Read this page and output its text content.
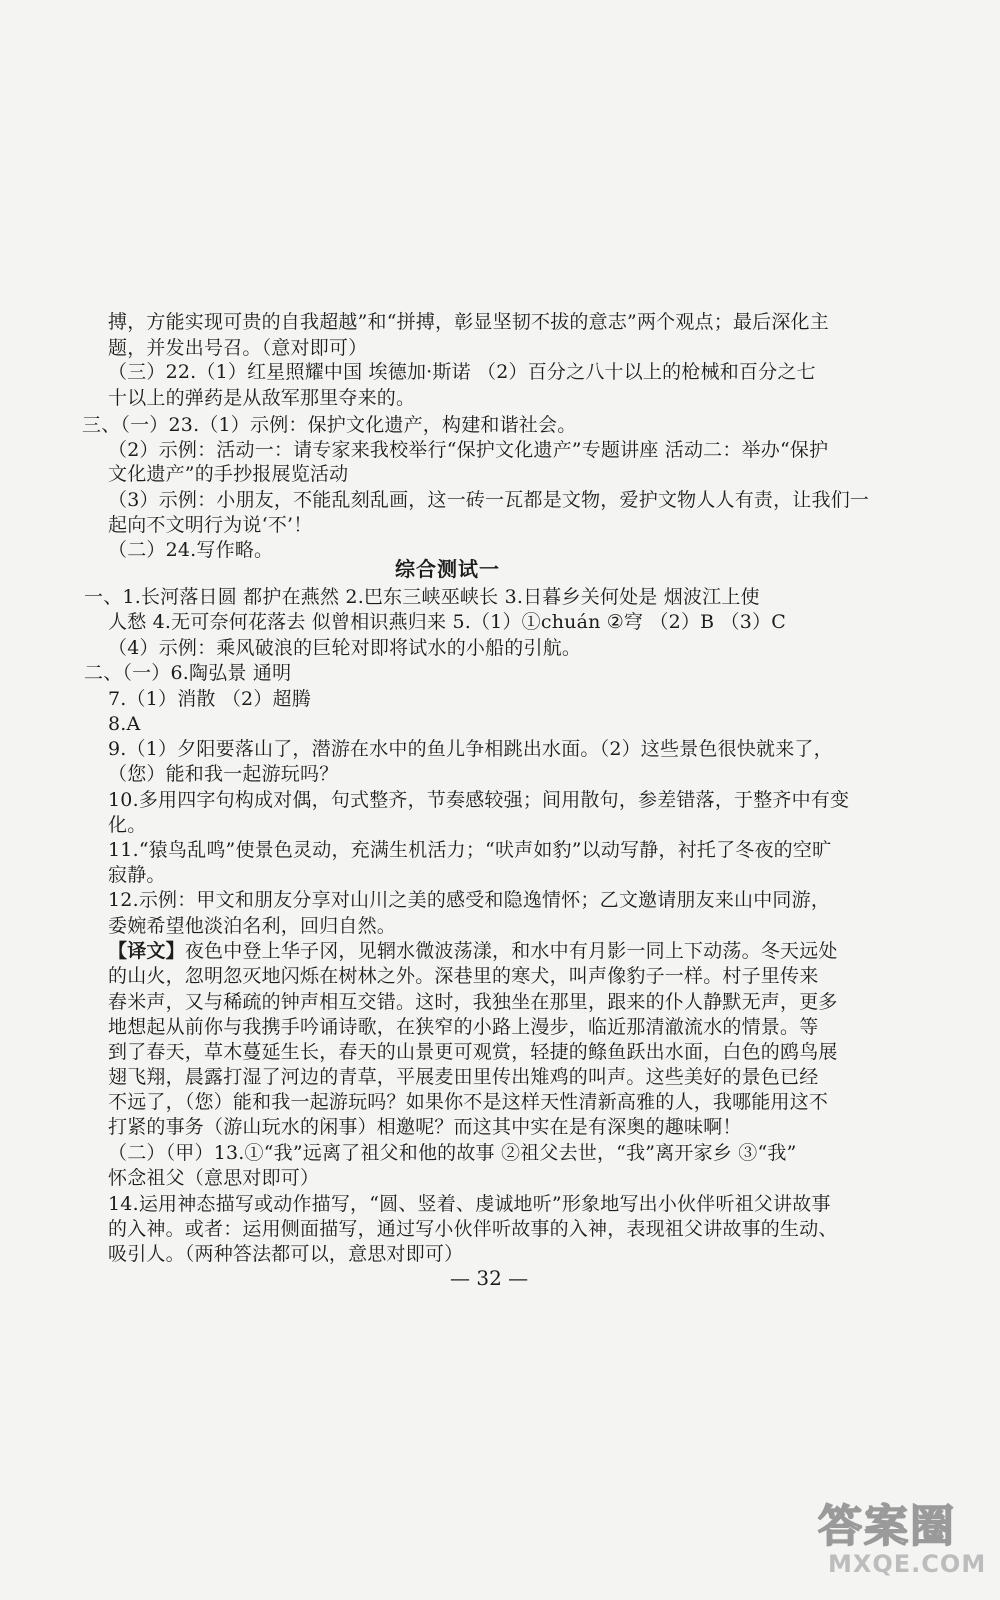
搏，方能实现可贵的自我超越”和“拼搏，彰显坚韧不拔的意志”两个观点；最后深化主
题，并发出号召。（意对即可）
（三）22.（1）红星照耀中国 埃德加·斯诺 （2）百分之八十以上的枪械和百分之七
十以上的弹药是从敌军那里夺来的。
三、（一）23.（1）示例：保护文化遗产，构建和谐社会。
（2）示例：活动一：请专家来我校举行“保护文化遗产”专题讲座 活动二：举办“保护
文化遗产”的手抄报展览活动
（3）示例：小朋友，不能乱刻乱画，这一砖一瓦都是文物，爱护文物人人有责，让我们一
起向不文明行为说‘不’！
（二）24.写作略。
综合测试一
一、1.长河落日圆 都护在燕然 2.巴东三峡巫峡长 3.日暮乡关何处是 烟波江上使
人愁 4.无可奈何花落去 似曾相识燕归来 5.（1）①chuán ②穹 （2）B （3）C
（4）示例：乘风破浪的巨轮对即将试水的小船的引航。
二、（一）6.陶弘景 通明
7.（1）消散 （2）超腾
8.A
9.（1）夕阳要落山了，潜游在水中的鱼儿争相跳出水面。（2）这些景色很快就来了，
（您）能和我一起游玩吗？
10.多用四字句构成对偶，句式整齐，节奏感较强；间用散句，参差错落，于整齐中有变
化。
11.“猿鸟乱鸣”使景色灵动，充满生机活力；“吠声如豹”以动写静，衬托了冬夜的空旷
寂静。
12.示例：甲文和朋友分享对山川之美的感受和隐逸情怀；乙文邀请朋友来山中同游，
委婉希望他淡泊名利，回归自然。
【译文】夜色中登上华子冈，见辋水微波荡漾，和水中有月影一同上下动荡。冬天远处
的山火，忽明忽灭地闪烁在树林之外。深巷里的寒犬，叫声像豹子一样。村子里传来
舂米声，又与稀疏的钟声相互交错。这时，我独坐在那里，跟来的仆人静默无声，更多
地想起从前你与我携手吟诵诗歌，在狭窄的小路上漫步，临近那清澈流水的情景。等
到了春天，草木蔓延生长，春天的山景更可观赏，轻捷的鲦鱼跃出水面，白色的鸥鸟展
翅飞翔，晨露打湿了河边的青草，平展麦田里传出雉鸡的叫声。这些美好的景色已经
不远了，（您）能和我一起游玩吗？如果你不是这样天性清新高雅的人，我哪能用这不
打紧的事务（游山玩水的闲事）相邀呢？而这其中实在是有深奥的趣味啊！
（二）（甲）13.①“我”远离了祖父和他的故事 ②祖父去世，“我”离开家乡 ③“我”
怀念祖父（意思对即可）
14.运用神态描写或动作描写，“圆、竖着、虔诚地听”形象地写出小伙伴听祖父讲故事
的入神。或者：运用侧面描写，通过写小伙伴听故事的入神，表现祖父讲故事的生动、
吸引人。（两种答法都可以，意思对即可）
— 32 —
答案圈
MXQE.COM
